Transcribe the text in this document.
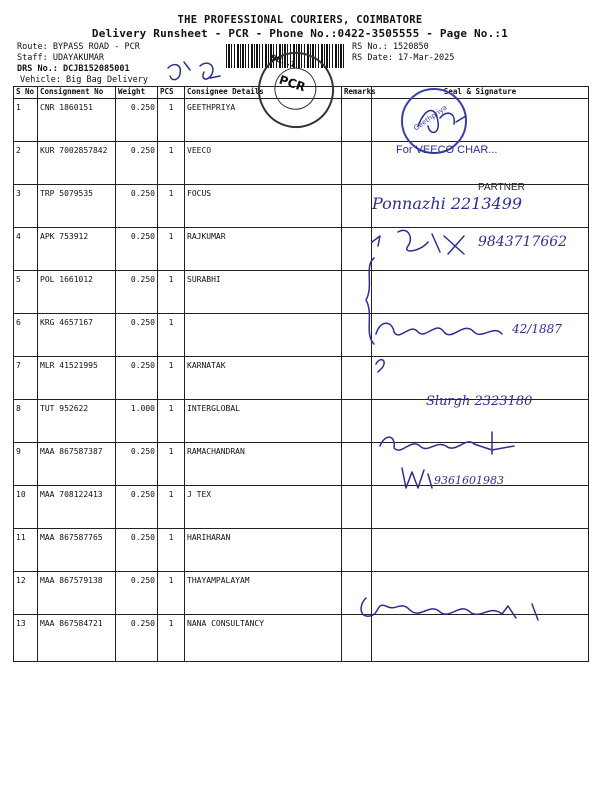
THE PROFESSIONAL COURIERS, COIMBATORE
Delivery Runsheet - PCR - Phone No.:0422-3505555 - Page No.:1
Route: BYPASS ROAD - PCR
Staff: UDAYAKUMAR
DRS No.: DCJB152085001
Vehicle: Big Bag Delivery
RS No.: 1520850
RS Date: 17-Mar-2025
S No	Consignment No	Weight	PCS	Consignee Details	Remarks	Seal & Signature
1	CNR 1860151	0.250	1	GEETHPRIYA		
2	KUR 7002857842	0.250	1	VEECO		
3	TRP 5079535	0.250	1	FOCUS		
4	APK 753912	0.250	1	RAJKUMAR		
5	POL 1661012	0.250	1	SURABHI		
6	KRG 4657167	0.250	1			
7	MLR 41521995	0.250	1	KARNATAK		
8	TUT 952622	1.000	1	INTERGLOBAL		
9	MAA 867587387	0.250	1	RAMACHANDRAN		
10	MAA 708122413	0.250	1	J TEX		
11	MAA 867587765	0.250	1	HARIHARAN		
12	MAA 867579138	0.250	1	THAYAMPALAYAM		
13	MAA 867584721	0.250	1	NANA CONSULTANCY		
PCR
98...1
Geethpriya
For VEECO CHAR...
PARTNER
Ponnazhi 2213499
9843717662
42/1887
Slurgh 2323180
9361601983
